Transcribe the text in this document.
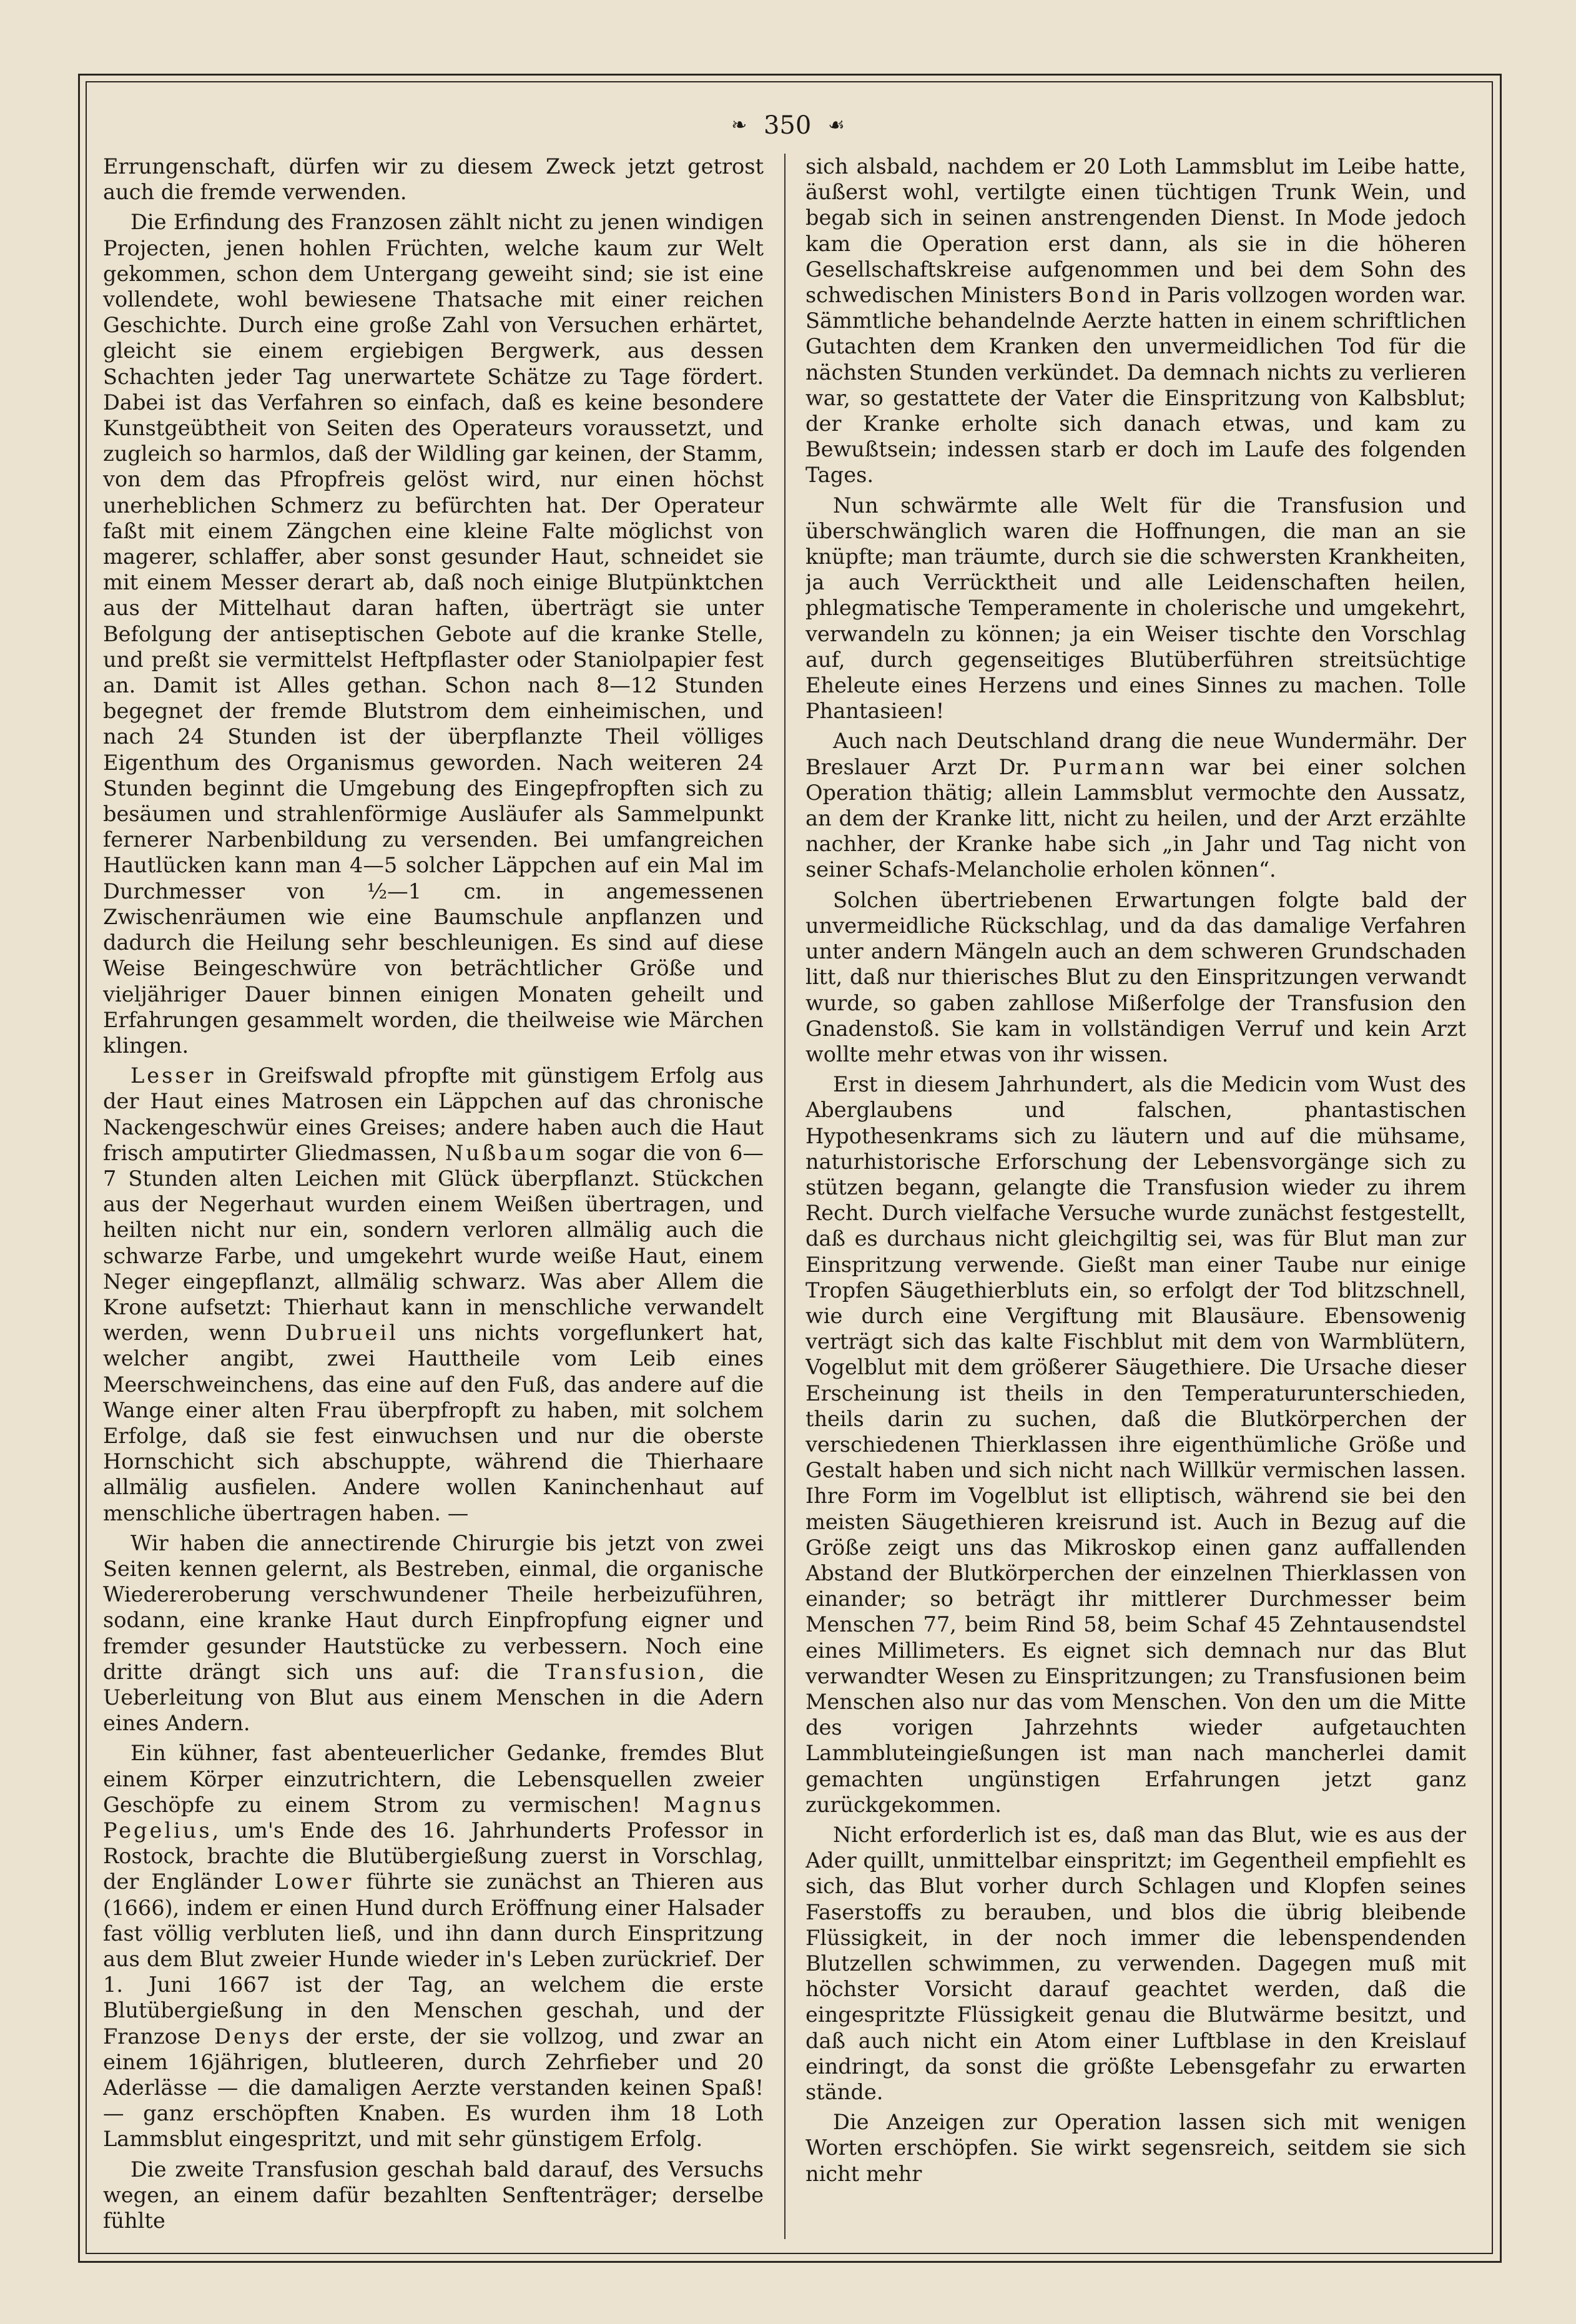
❧ 350 ☙

Errungenschaft, dürfen wir zu diesem Zweck jetzt getrost auch die fremde verwenden.

Die Erfindung des Franzosen zählt nicht zu jenen windigen Projecten, jenen hohlen Früchten, welche kaum zur Welt gekommen, schon dem Untergang geweiht sind; sie ist eine vollendete, wohl bewiesene Thatsache mit einer reichen Geschichte. Durch eine große Zahl von Versuchen erhärtet, gleicht sie einem ergiebigen Bergwerk, aus dessen Schachten jeder Tag unerwartete Schätze zu Tage fördert. Dabei ist das Verfahren so einfach, daß es keine besondere Kunstgeübtheit von Seiten des Operateurs voraussetzt, und zugleich so harmlos, daß der Wildling gar keinen, der Stamm, von dem das Pfropfreis gelöst wird, nur einen höchst unerheblichen Schmerz zu befürchten hat. Der Operateur faßt mit einem Zängchen eine kleine Falte möglichst von magerer, schlaffer, aber sonst gesunder Haut, schneidet sie mit einem Messer derart ab, daß noch einige Blutpünktchen aus der Mittelhaut daran haften, überträgt sie unter Befolgung der antiseptischen Gebote auf die kranke Stelle, und preßt sie vermittelst Heftpflaster oder Staniolpapier fest an. Damit ist Alles gethan. Schon nach 8—12 Stunden begegnet der fremde Blutstrom dem einheimischen, und nach 24 Stunden ist der überpflanzte Theil völliges Eigenthum des Organismus geworden. Nach weiteren 24 Stunden beginnt die Umgebung des Eingepfropften sich zu besäumen und strahlenförmige Ausläufer als Sammelpunkt fernerer Narbenbildung zu versenden. Bei umfangreichen Hautlücken kann man 4—5 solcher Läppchen auf ein Mal im Durchmesser von ½—1 cm. in angemessenen Zwischenräumen wie eine Baumschule anpflanzen und dadurch die Heilung sehr beschleunigen. Es sind auf diese Weise Beingeschwüre von beträchtlicher Größe und vieljähriger Dauer binnen einigen Monaten geheilt und Erfahrungen gesammelt worden, die theilweise wie Märchen klingen.

Lesser in Greifswald pfropfte mit günstigem Erfolg aus der Haut eines Matrosen ein Läppchen auf das chronische Nackengeschwür eines Greises; andere haben auch die Haut frisch amputirter Gliedmassen, Nußbaum sogar die von 6—7 Stunden alten Leichen mit Glück überpflanzt. Stückchen aus der Negerhaut wurden einem Weißen übertragen, und heilten nicht nur ein, sondern verloren allmälig auch die schwarze Farbe, und umgekehrt wurde weiße Haut, einem Neger eingepflanzt, allmälig schwarz. Was aber Allem die Krone aufsetzt: Thierhaut kann in menschliche verwandelt werden, wenn Dubrueil uns nichts vorgeflunkert hat, welcher angibt, zwei Hauttheile vom Leib eines Meerschweinchens, das eine auf den Fuß, das andere auf die Wange einer alten Frau überpfropft zu haben, mit solchem Erfolge, daß sie fest einwuchsen und nur die oberste Hornschicht sich abschuppte, während die Thierhaare allmälig ausfielen. Andere wollen Kaninchenhaut auf menschliche übertragen haben. —

Wir haben die annectirende Chirurgie bis jetzt von zwei Seiten kennen gelernt, als Bestreben, einmal, die organische Wiedereroberung verschwundener Theile herbeizuführen, sodann, eine kranke Haut durch Einpfropfung eigner und fremder gesunder Hautstücke zu verbessern. Noch eine dritte drängt sich uns auf: die Transfusion, die Ueberleitung von Blut aus einem Menschen in die Adern eines Andern.

Ein kühner, fast abenteuerlicher Gedanke, fremdes Blut einem Körper einzutrichtern, die Lebensquellen zweier Geschöpfe zu einem Strom zu vermischen! Magnus Pegelius, um's Ende des 16. Jahrhunderts Professor in Rostock, brachte die Blutübergießung zuerst in Vorschlag, der Engländer Lower führte sie zunächst an Thieren aus (1666), indem er einen Hund durch Eröffnung einer Halsader fast völlig verbluten ließ, und ihn dann durch Einspritzung aus dem Blut zweier Hunde wieder in's Leben zurückrief. Der 1. Juni 1667 ist der Tag, an welchem die erste Blutübergießung in den Menschen geschah, und der Franzose Denys der erste, der sie vollzog, und zwar an einem 16jährigen, blutleeren, durch Zehrfieber und 20 Aderlässe — die damaligen Aerzte verstanden keinen Spaß! — ganz erschöpften Knaben. Es wurden ihm 18 Loth Lammsblut eingespritzt, und mit sehr günstigem Erfolg.

Die zweite Transfusion geschah bald darauf, des Versuchs wegen, an einem dafür bezahlten Senftenträger; derselbe fühlte

sich alsbald, nachdem er 20 Loth Lammsblut im Leibe hatte, äußerst wohl, vertilgte einen tüchtigen Trunk Wein, und begab sich in seinen anstrengenden Dienst. In Mode jedoch kam die Operation erst dann, als sie in die höheren Gesellschaftskreise aufgenommen und bei dem Sohn des schwedischen Ministers Bond in Paris vollzogen worden war. Sämmtliche behandelnde Aerzte hatten in einem schriftlichen Gutachten dem Kranken den unvermeidlichen Tod für die nächsten Stunden verkündet. Da demnach nichts zu verlieren war, so gestattete der Vater die Einspritzung von Kalbsblut; der Kranke erholte sich danach etwas, und kam zu Bewußtsein; indessen starb er doch im Laufe des folgenden Tages.

Nun schwärmte alle Welt für die Transfusion und überschwänglich waren die Hoffnungen, die man an sie knüpfte; man träumte, durch sie die schwersten Krankheiten, ja auch Verrücktheit und alle Leidenschaften heilen, phlegmatische Temperamente in cholerische und umgekehrt, verwandeln zu können; ja ein Weiser tischte den Vorschlag auf, durch gegenseitiges Blutüberführen streitsüchtige Eheleute eines Herzens und eines Sinnes zu machen. Tolle Phantasieen!

Auch nach Deutschland drang die neue Wundermähr. Der Breslauer Arzt Dr. Purmann war bei einer solchen Operation thätig; allein Lammsblut vermochte den Aussatz, an dem der Kranke litt, nicht zu heilen, und der Arzt erzählte nachher, der Kranke habe sich „in Jahr und Tag nicht von seiner Schafs-Melancholie erholen können“.

Solchen übertriebenen Erwartungen folgte bald der unvermeidliche Rückschlag, und da das damalige Verfahren unter andern Mängeln auch an dem schweren Grundschaden litt, daß nur thierisches Blut zu den Einspritzungen verwandt wurde, so gaben zahllose Mißerfolge der Transfusion den Gnadenstoß. Sie kam in vollständigen Verruf und kein Arzt wollte mehr etwas von ihr wissen.

Erst in diesem Jahrhundert, als die Medicin vom Wust des Aberglaubens und falschen, phantastischen Hypothesenkrams sich zu läutern und auf die mühsame, naturhistorische Erforschung der Lebensvorgänge sich zu stützen begann, gelangte die Transfusion wieder zu ihrem Recht. Durch vielfache Versuche wurde zunächst festgestellt, daß es durchaus nicht gleichgiltig sei, was für Blut man zur Einspritzung verwende. Gießt man einer Taube nur einige Tropfen Säugethierbluts ein, so erfolgt der Tod blitzschnell, wie durch eine Vergiftung mit Blausäure. Ebensowenig verträgt sich das kalte Fischblut mit dem von Warmblütern, Vogelblut mit dem größerer Säugethiere. Die Ursache dieser Erscheinung ist theils in den Temperaturunterschieden, theils darin zu suchen, daß die Blutkörperchen der verschiedenen Thierklassen ihre eigenthümliche Größe und Gestalt haben und sich nicht nach Willkür vermischen lassen. Ihre Form im Vogelblut ist elliptisch, während sie bei den meisten Säugethieren kreisrund ist. Auch in Bezug auf die Größe zeigt uns das Mikroskop einen ganz auffallenden Abstand der Blutkörperchen der einzelnen Thierklassen von einander; so beträgt ihr mittlerer Durchmesser beim Menschen 77, beim Rind 58, beim Schaf 45 Zehntausendstel eines Millimeters. Es eignet sich demnach nur das Blut verwandter Wesen zu Einspritzungen; zu Transfusionen beim Menschen also nur das vom Menschen. Von den um die Mitte des vorigen Jahrzehnts wieder aufgetauchten Lammbluteingießungen ist man nach mancherlei damit gemachten ungünstigen Erfahrungen jetzt ganz zurückgekommen.

Nicht erforderlich ist es, daß man das Blut, wie es aus der Ader quillt, unmittelbar einspritzt; im Gegentheil empfiehlt es sich, das Blut vorher durch Schlagen und Klopfen seines Faserstoffs zu berauben, und blos die übrig bleibende Flüssigkeit, in der noch immer die lebenspendenden Blutzellen schwimmen, zu verwenden. Dagegen muß mit höchster Vorsicht darauf geachtet werden, daß die eingespritzte Flüssigkeit genau die Blutwärme besitzt, und daß auch nicht ein Atom einer Luftblase in den Kreislauf eindringt, da sonst die größte Lebensgefahr zu erwarten stände.

Die Anzeigen zur Operation lassen sich mit wenigen Worten erschöpfen. Sie wirkt segensreich, seitdem sie sich nicht mehr
